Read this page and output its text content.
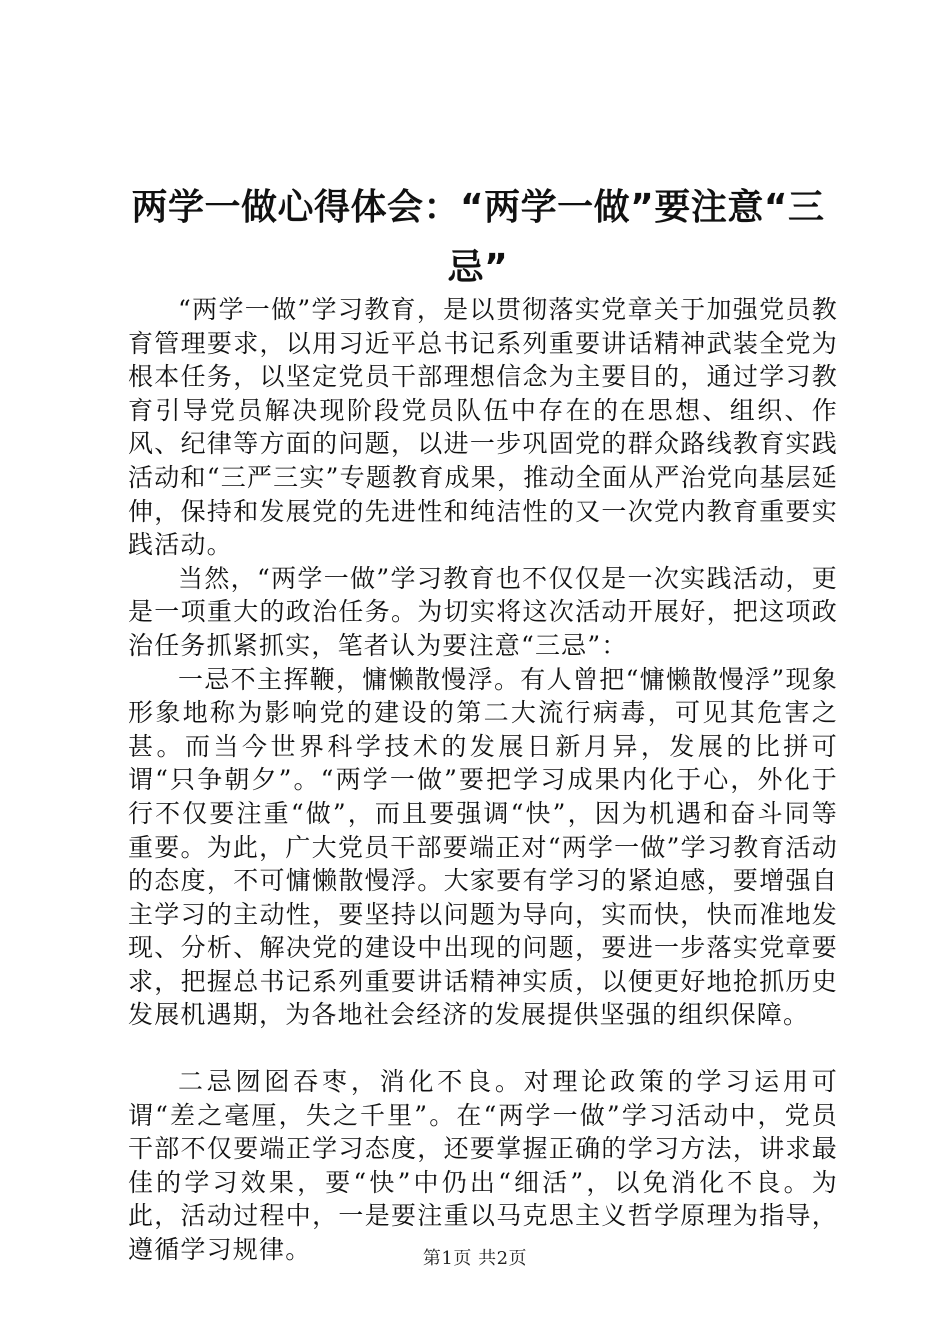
两学一做心得体会：“两学一做”要注意“三忌”

“两学一做”学习教育，是以贯彻落实党章关于加强党员教育管理要求，以用习近平总书记系列重要讲话精神武装全党为根本任务，以坚定党员干部理想信念为主要目的，通过学习教育引导党员解决现阶段党员队伍中存在的在思想、组织、作风、纪律等方面的问题，以进一步巩固党的群众路线教育实践活动和“三严三实”专题教育成果，推动全面从严治党向基层延伸，保持和发展党的先进性和纯洁性的又一次党内教育重要实践活动。

当然，“两学一做”学习教育也不仅仅是一次实践活动，更是一项重大的政治任务。为切实将这次活动开展好，把这项政治任务抓紧抓实，笔者认为要注意“三忌”：

一忌不主挥鞭，慵懒散慢浮。有人曾把“慵懒散慢浮”现象形象地称为影响党的建设的第二大流行病毒，可见其危害之甚。而当今世界科学技术的发展日新月异，发展的比拼可谓“只争朝夕”。“两学一做”要把学习成果内化于心，外化于行不仅要注重“做”，而且要强调“快”，因为机遇和奋斗同等重要。为此，广大党员干部要端正对“两学一做”学习教育活动的态度，不可慵懒散慢浮。大家要有学习的紧迫感，要增强自主学习的主动性，要坚持以问题为导向，实而快，快而准地发现、分析、解决党的建设中出现的问题，要进一步落实党章要求，把握总书记系列重要讲话精神实质，以便更好地抢抓历史发展机遇期，为各地社会经济的发展提供坚强的组织保障。

二忌囫囵吞枣，消化不良。对理论政策的学习运用可谓“差之毫厘，失之千里”。在“两学一做”学习活动中，党员干部不仅要端正学习态度，还要掌握正确的学习方法，讲求最佳的学习效果，要“快”中仍出“细活”，以免消化不良。为此，活动过程中，一是要注重以马克思主义哲学原理为指导，遵循学习规律。	第1页 共2页
